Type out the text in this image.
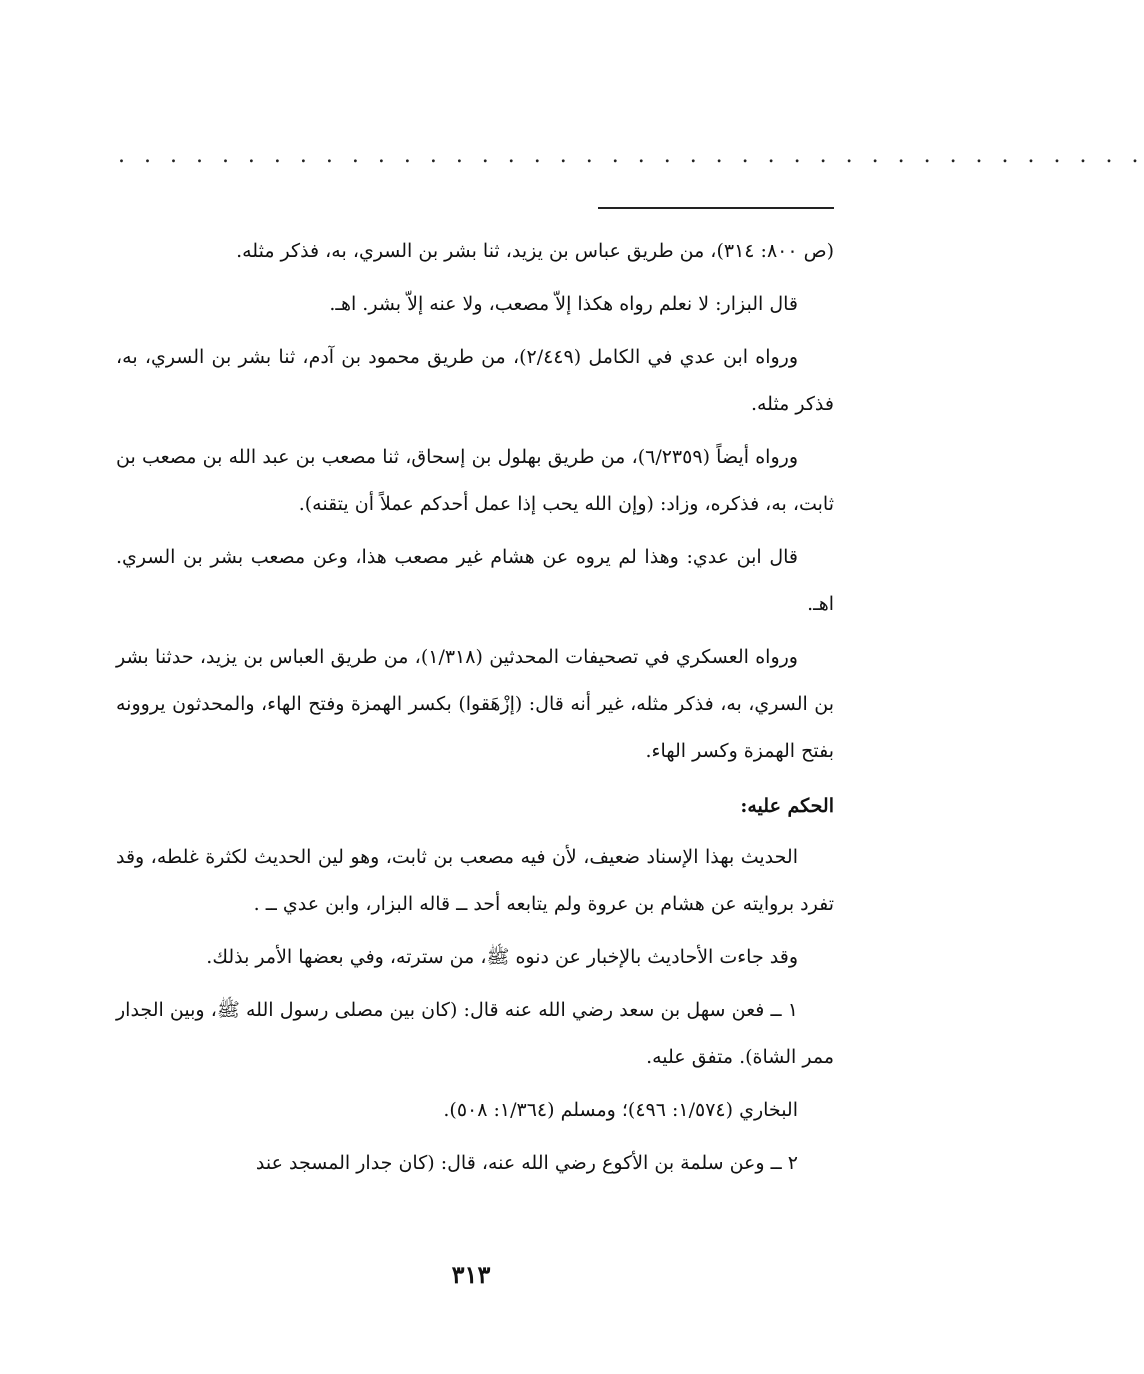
. . . . . . . . . . . . . . . . . . . . . . . . . . . . . . . . . . . . . . . .

(ص ٨٠٠: ٣١٤)، من طريق عباس بن يزيد، ثنا بشر بن السري، به، فذكر مثله.

قال البزار: لا نعلم رواه هكذا إلاّ مصعب، ولا عنه إلاّ بشر. اهـ.

ورواه ابن عدي في الكامل (٢/٤٤٩)، من طريق محمود بن آدم، ثنا بشر بن السري، به، فذكر مثله.

ورواه أيضاً (٦/٢٣٥٩)، من طريق بهلول بن إسحاق، ثنا مصعب بن عبد الله بن مصعب بن ثابت، به، فذكره، وزاد: (وإن الله يحب إذا عمل أحدكم عملاً أن يتقنه).

قال ابن عدي: وهذا لم يروه عن هشام غير مصعب هذا، وعن مصعب بشر بن السري. اهـ.

ورواه العسكري في تصحيفات المحدثين (١/٣١٨)، من طريق العباس بن يزيد، حدثنا بشر بن السري، به، فذكر مثله، غير أنه قال: (إزْهَقوا) بكسر الهمزة وفتح الهاء، والمحدثون يروونه بفتح الهمزة وكسر الهاء.

الحكم عليه:

الحديث بهذا الإسناد ضعيف، لأن فيه مصعب بن ثابت، وهو لين الحديث لكثرة غلطه، وقد تفرد بروايته عن هشام بن عروة ولم يتابعه أحد ــ قاله البزار، وابن عدي ــ .

وقد جاءت الأحاديث بالإخبار عن دنوه ﷺ، من سترته، وفي بعضها الأمر بذلك.

١ ــ فعن سهل بن سعد رضي الله عنه قال: (كان بين مصلى رسول الله ﷺ، وبين الجدار ممر الشاة). متفق عليه.

البخاري (١/٥٧٤: ٤٩٦)؛ ومسلم (١/٣٦٤: ٥٠٨).

٢ ــ وعن سلمة بن الأكوع رضي الله عنه، قال: (كان جدار المسجد عند

٣١٣
